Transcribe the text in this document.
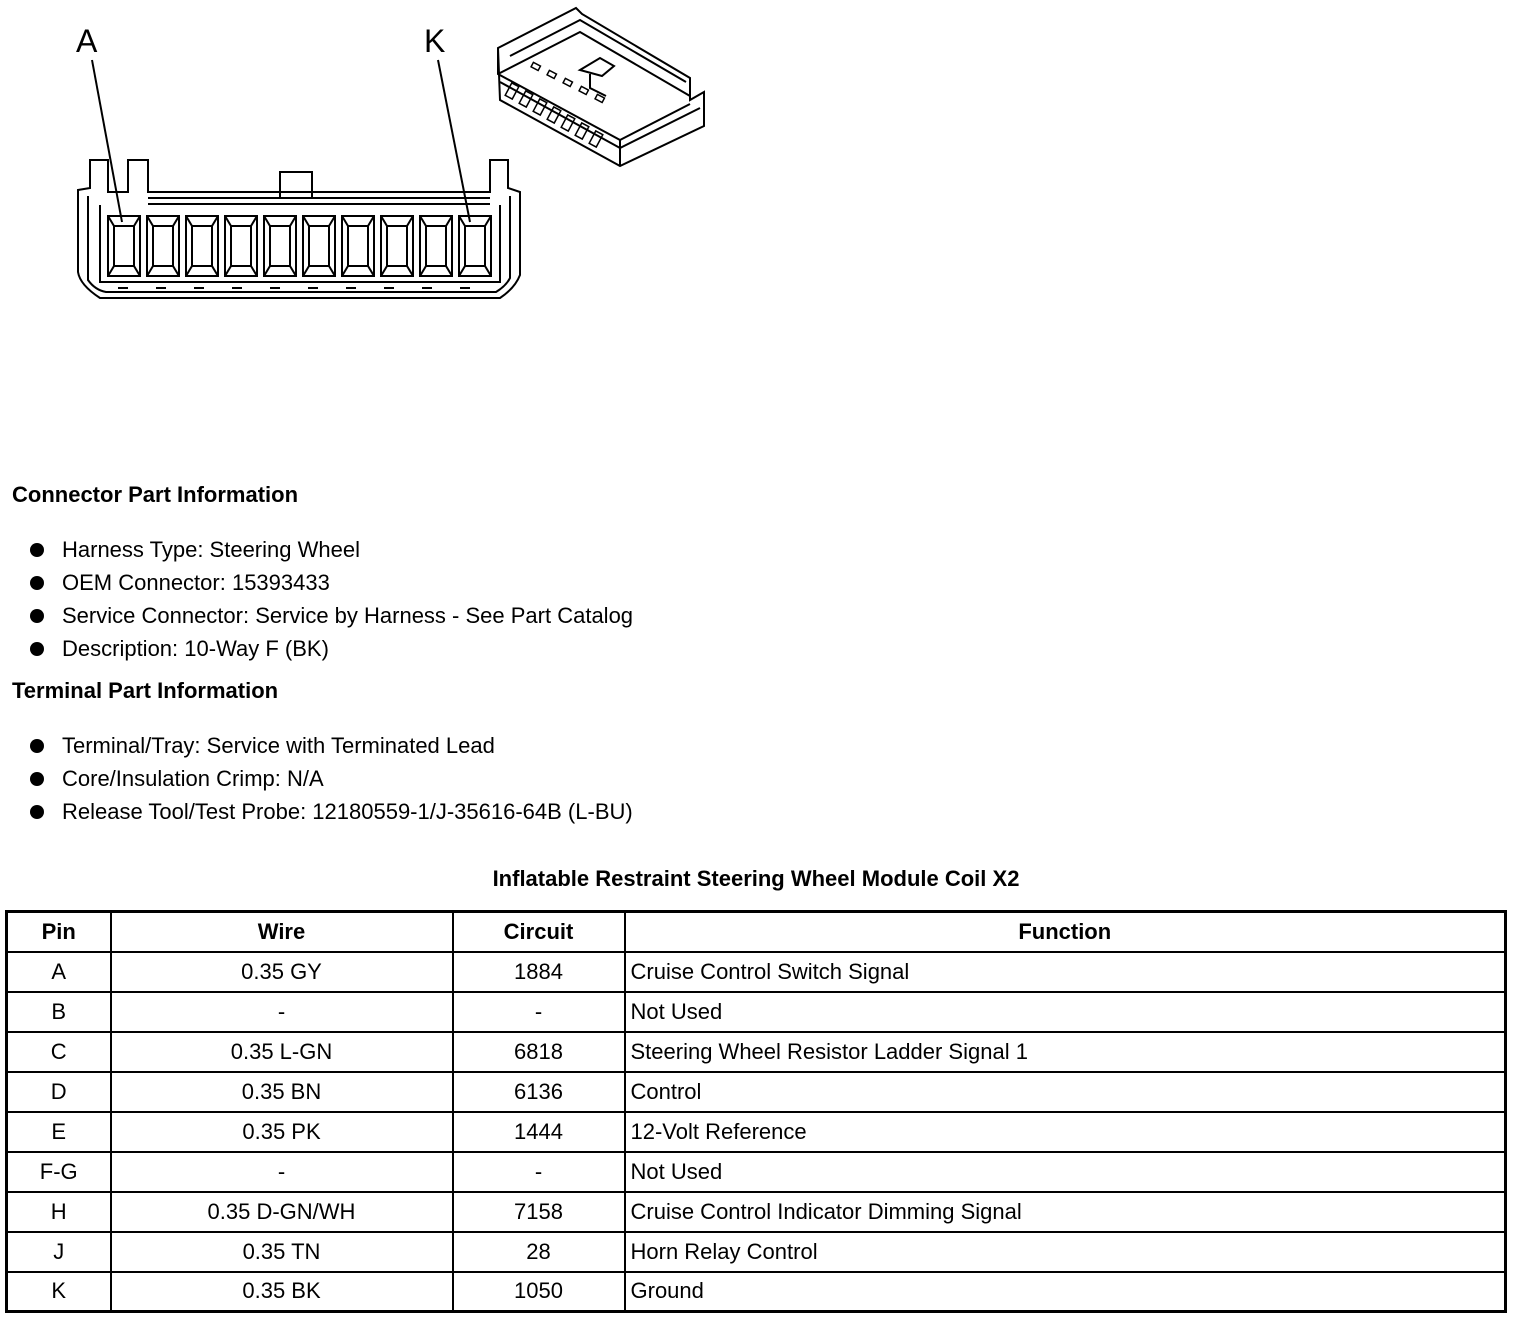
A	K
Connector Part Information
Harness Type: Steering Wheel
OEM Connector: 15393433
Service Connector: Service by Harness - See Part Catalog
Description: 10-Way F (BK)
Terminal Part Information
Terminal/Tray: Service with Terminated Lead
Core/Insulation Crimp: N/A
Release Tool/Test Probe: 12180559-1/J-35616-64B (L-BU)
Inflatable Restraint Steering Wheel Module Coil X2
Pin	Wire	Circuit	Function
A	0.35 GY	1884	Cruise Control Switch Signal
B	-	-	Not Used
C	0.35 L-GN	6818	Steering Wheel Resistor Ladder Signal 1
D	0.35 BN	6136	Control
E	0.35 PK	1444	12-Volt Reference
F-G	-	-	Not Used
H	0.35 D-GN/WH	7158	Cruise Control Indicator Dimming Signal
J	0.35 TN	28	Horn Relay Control
K	0.35 BK	1050	Ground
